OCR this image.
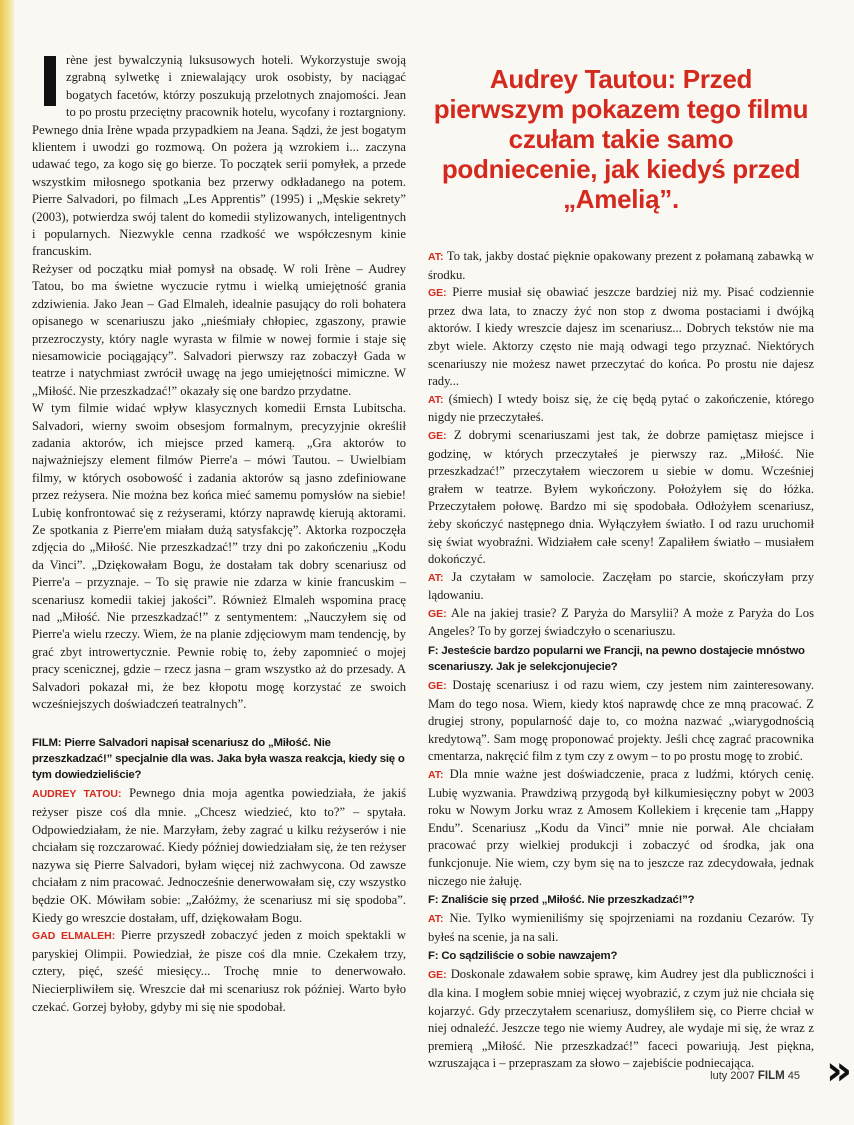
rène jest bywalczynią luksusowych hoteli. Wykorzystuje swoją zgrabną sylwetkę i zniewalający urok osobisty, by naciągać bogatych facetów, którzy poszukują przelotnych znajomości. Jean to po prostu przeciętny pracownik hotelu, wycofany i roztargniony. Pewnego dnia Irène wpada przypadkiem na Jeana. Sądzi, że jest bogatym klientem i uwodzi go rozmową. On pożera ją wzrokiem i... zaczyna udawać tego, za kogo się go bierze. To początek serii pomyłek, a przede wszystkim miłosnego spotkania bez przerwy odkładanego na potem. Pierre Salvadori, po filmach „Les Apprentis” (1995) i „Męskie sekrety” (2003), potwierdza swój talent do komedii stylizowanych, inteligentnych i popularnych. Niezwykle cenna rzadkość we współczesnym kinie francuskim.
Reżyser od początku miał pomysł na obsadę. W roli Irène – Audrey Tatou, bo ma świetne wyczucie rytmu i wielką umiejętność grania zdziwienia. Jako Jean – Gad Elmaleh, idealnie pasujący do roli bohatera opisanego w scenariuszu jako „nieśmiały chłopiec, zgaszony, prawie przezroczysty, który nagle wyrasta w filmie w nowej formie i staje się niesamowicie pociągający”. Salvadori pierwszy raz zobaczył Gada w teatrze i natychmiast zwrócił uwagę na jego umiejętności mimiczne. W „Miłość. Nie przeszkadzać!” okazały się one bardzo przydatne.
W tym filmie widać wpływ klasycznych komedii Ernsta Lubitscha. Salvadori, wierny swoim obsesjom formalnym, precyzyjnie określił zadania aktorów, ich miejsce przed kamerą. „Gra aktorów to najważniejszy element filmów Pierre'a – mówi Tautou. – Uwielbiam filmy, w których osobowość i zadania aktorów są jasno zdefiniowane przez reżysera. Nie można bez końca mieć samemu pomysłów na siebie! Lubię konfrontować się z reżyserami, którzy naprawdę kierują aktorami. Ze spotkania z Pierre'em miałam dużą satysfakcję”. Aktorka rozpoczęła zdjęcia do „Miłość. Nie przeszkadzać!” trzy dni po zakończeniu „Kodu da Vinci”. „Dziękowałam Bogu, że dostałam tak dobry scenariusz od Pierre'a – przyznaje. – To się prawie nie zdarza w kinie francuskim – scenariusz komedii takiej jakości”. Również Elmaleh wspomina pracę nad „Miłość. Nie przeszkadzać!” z sentymentem: „Nauczyłem się od Pierre'a wielu rzeczy. Wiem, że na planie zdjęciowym mam tendencję, by grać zbyt introwertycznie. Pewnie robię to, żeby zapomnieć o mojej pracy scenicznej, gdzie – rzecz jasna – gram wszystko aż do przesady. A Salvadori pokazał mi, że bez kłopotu mogę korzystać ze swoich wcześniejszych doświadczeń teatralnych”.
FILM: Pierre Salvadori napisał scenariusz do „Miłość. Nie przeszkadzać!” specjalnie dla was. Jaka była wasza reakcja, kiedy się o tym dowiedzieliście?
AUDREY TATOU: Pewnego dnia moja agentka powiedziała, że jakiś reżyser pisze coś dla mnie. „Chcesz wiedzieć, kto to?” – spytała. Odpowiedziałam, że nie. Marzyłam, żeby zagrać u kilku reżyserów i nie chciałam się rozczarować. Kiedy później dowiedziałam się, że ten reżyser nazywa się Pierre Salvadori, byłam więcej niż zachwycona. Od zawsze chciałam z nim pracować. Jednocześnie denerwowałam się, czy wszystko będzie OK. Mówiłam sobie: „Załóżmy, że scenariusz mi się spodoba”. Kiedy go wreszcie dostałam, uff, dziękowałam Bogu.
GAD ELMALEH: Pierre przyszedł zobaczyć jeden z moich spektakli w paryskiej Olimpii. Powiedział, że pisze coś dla mnie. Czekałem trzy, cztery, pięć, sześć miesięcy... Trochę mnie to denerwowało. Niecierpliwiłem się. Wreszcie dał mi scenariusz rok później. Warto było czekać. Gorzej byłoby, gdyby mi się nie spodobał.
Audrey Tautou: Przed pierwszym pokazem tego filmu czułam takie samo podniecenie, jak kiedyś przed „Amelią”.
AT: To tak, jakby dostać pięknie opakowany prezent z połamaną zabawką w środku.
GE: Pierre musiał się obawiać jeszcze bardziej niż my. Pisać codziennie przez dwa lata, to znaczy żyć non stop z dwoma postaciami i dwójką aktorów. I kiedy wreszcie dajesz im scenariusz... Dobrych tekstów nie ma zbyt wiele. Aktorzy często nie mają odwagi tego przyznać. Niektórych scenariuszy nie możesz nawet przeczytać do końca. Po prostu nie dajesz rady...
AT: (śmiech) I wtedy boisz się, że cię będą pytać o zakończenie, którego nigdy nie przeczytałeś.
GE: Z dobrymi scenariuszami jest tak, że dobrze pamiętasz miejsce i godzinę, w których przeczytałeś je pierwszy raz. „Miłość. Nie przeszkadzać!” przeczytałem wieczorem u siebie w domu. Wcześniej grałem w teatrze. Byłem wykończony. Położyłem się do łóżka. Przeczytałem połowę. Bardzo mi się spodobała. Odłożyłem scenariusz, żeby skończyć następnego dnia. Wyłączyłem światło. I od razu uruchomił się świat wyobraźni. Widziałem całe sceny! Zapaliłem światło – musiałem dokończyć.
AT: Ja czytałam w samolocie. Zaczęłam po starcie, skończyłam przy lądowaniu.
GE: Ale na jakiej trasie? Z Paryża do Marsylii? A może z Paryża do Los Angeles? To by gorzej świadczyło o scenariuszu.
F: Jesteście bardzo popularni we Francji, na pewno dostajecie mnóstwo scenariuszy. Jak je selekcjonujecie?
GE: Dostaję scenariusz i od razu wiem, czy jestem nim zainteresowany. Mam do tego nosa. Wiem, kiedy ktoś naprawdę chce ze mną pracować. Z drugiej strony, popularność daje to, co można nazwać „wiarygodnością kredytową”. Sam mogę proponować projekty. Jeśli chcę zagrać pracownika cmentarza, nakręcić film z tym czy z owym – to po prostu mogę to zrobić.
AT: Dla mnie ważne jest doświadczenie, praca z ludźmi, których cenię. Lubię wyzwania. Prawdziwą przygodą był kilkumiesięczny pobyt w 2003 roku w Nowym Jorku wraz z Amosem Kollekiem i kręcenie tam „Happy Endu”. Scenariusz „Kodu da Vinci” mnie nie porwał. Ale chciałam pracować przy wielkiej produkcji i zobaczyć od środka, jak ona funkcjonuje. Nie wiem, czy bym się na to jeszcze raz zdecydowała, jednak niczego nie żałuję.
F: Znaliście się przed „Miłość. Nie przeszkadzać!”?
AT: Nie. Tylko wymieniliśmy się spojrzeniami na rozdaniu Cezarów. Ty byłeś na scenie, ja na sali.
F: Co sądziliście o sobie nawzajem?
GE: Doskonale zdawałem sobie sprawę, kim Audrey jest dla publiczności i dla kina. I mogłem sobie mniej więcej wyobrazić, z czym już nie chciała się kojarzyć. Gdy przeczytałem scenariusz, domyśliłem się, co Pierre chciał w niej odnaleźć. Jeszcze tego nie wiemy Audrey, ale wydaje mi się, że wraz z premierą „Miłość. Nie przeszkadzać!” faceci powariują. Jest piękna, wzruszająca i – przepraszam za słowo – zajebiście podniecająca.	»
luty 2007 FILM 45
